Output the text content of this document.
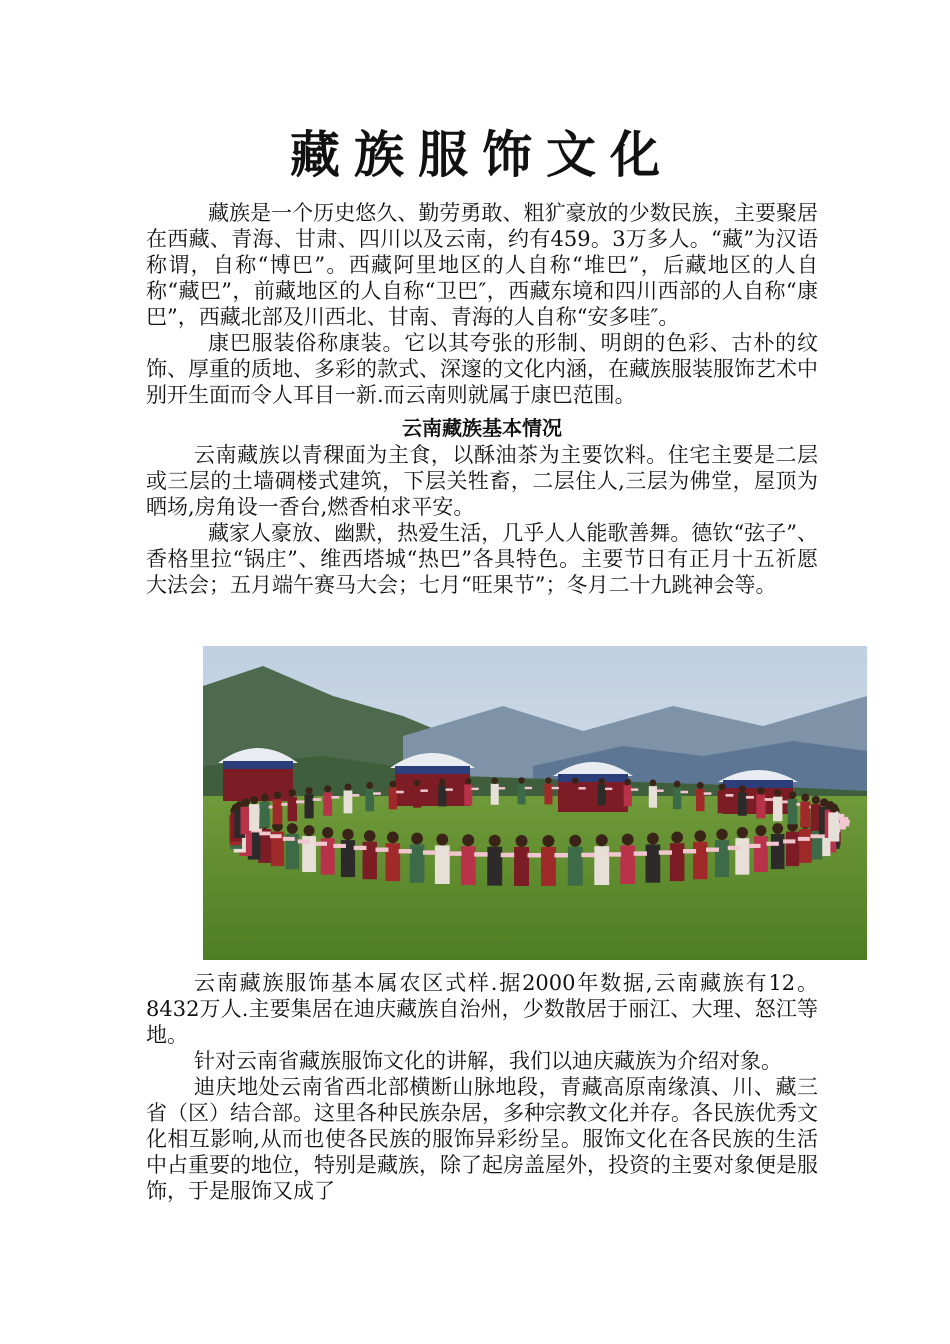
藏族服饰文化

藏族是一个历史悠久、勤劳勇敢、粗犷豪放的少数民族，主要聚居在西藏、青海、甘肃、四川以及云南，约有459。3万多人。“藏”为汉语称谓，自称“博巴”。西藏阿里地区的人自称“堆巴”，后藏地区的人自称“藏巴”，前藏地区的人自称“卫巴″，西藏东境和四川西部的人自称“康巴”，西藏北部及川西北、甘南、青海的人自称“安多哇″。

康巴服装俗称康装。它以其夸张的形制、明朗的色彩、古朴的纹饰、厚重的质地、多彩的款式、深邃的文化内涵，在藏族服装服饰艺术中别开生面而令人耳目一新.而云南则就属于康巴范围。

云南藏族基本情况

云南藏族以青稞面为主食，以酥油茶为主要饮料。住宅主要是二层或三层的土墙碉楼式建筑，下层关牲畜，二层住人,三层为佛堂，屋顶为晒场,房角设一香台,燃香柏求平安。

藏家人豪放、幽默，热爱生活，几乎人人能歌善舞。德钦“弦子”、香格里拉“锅庄”、维西塔城“热巴”各具特色。主要节日有正月十五祈愿大法会；五月端午赛马大会；七月“旺果节”；冬月二十九跳神会等。

云南藏族服饰基本属农区式样.据2000年数据,云南藏族有12。8432万人.主要集居在迪庆藏族自治州，少数散居于丽江、大理、怒江等地。

针对云南省藏族服饰文化的讲解，我们以迪庆藏族为介绍对象。

迪庆地处云南省西北部横断山脉地段，青藏高原南缘滇、川、藏三省（区）结合部。这里各种民族杂居，多种宗教文化并存。各民族优秀文化相互影响,从而也使各民族的服饰异彩纷呈。服饰文化在各民族的生活中占重要的地位，特别是藏族，除了起房盖屋外，投资的主要对象便是服饰，于是服饰又成了
